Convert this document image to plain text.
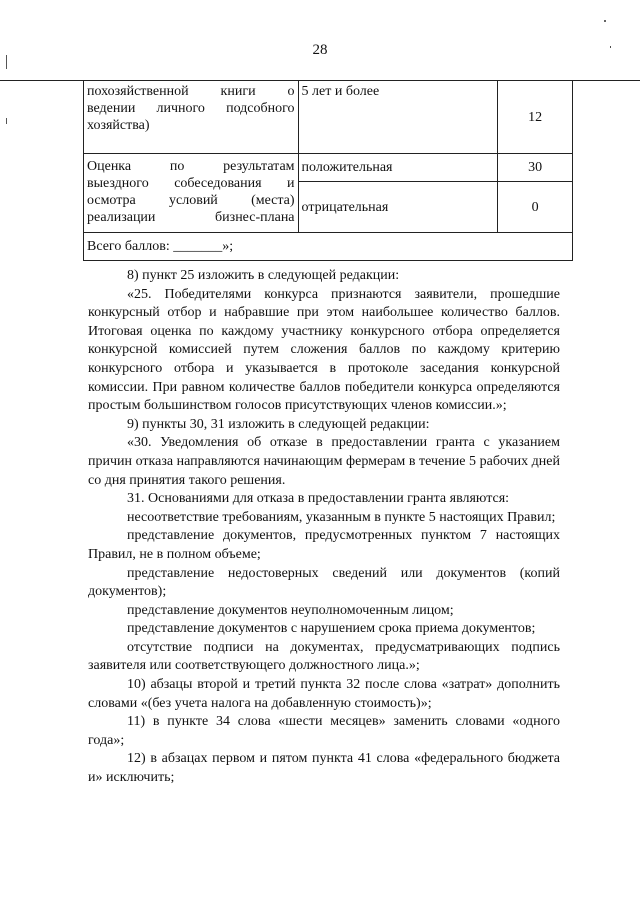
28
похозяйственной книги о
ведении личного подсобного
хозяйства)	5 лет и более	12

Оценка по результатам
выездного собеседования и
осмотра условий (места)
реализации бизнес-плана	положительная	30
	отрицательная	0
Всего баллов: _______»;		

8) пункт 25 изложить в следующей редакции:

«25. Победителями конкурса признаются заявители, прошедшие конкурсный отбор и набравшие при этом наибольшее количество баллов. Итоговая оценка по каждому участнику конкурсного отбора определяется конкурсной комиссией путем сложения баллов по каждому критерию конкурсного отбора и указывается в протоколе заседания конкурсной комиссии. При равном количестве баллов победители конкурса определяются простым большинством голосов присутствующих членов комиссии.»;

9) пункты 30, 31 изложить в следующей редакции:

«30. Уведомления об отказе в предоставлении гранта с указанием причин отказа направляются начинающим фермерам в течение 5 рабочих дней со дня принятия такого решения.

31. Основаниями для отказа в предоставлении гранта являются:

несоответствие требованиям, указанным в пункте 5 настоящих Правил;

представление документов, предусмотренных пунктом 7 настоящих Правил, не в полном объеме;

представление недостоверных сведений или документов (копий документов);

представление документов неуполномоченным лицом;

представление документов с нарушением срока приема документов;

отсутствие подписи на документах, предусматривающих подпись заявителя или соответствующего должностного лица.»;

10) абзацы второй и третий пункта 32 после слова «затрат» дополнить словами «(без учета налога на добавленную стоимость)»;

11) в пункте 34 слова «шести месяцев» заменить словами «одного года»;

12) в абзацах первом и пятом пункта 41 слова «федерального бюджета и» исключить;
